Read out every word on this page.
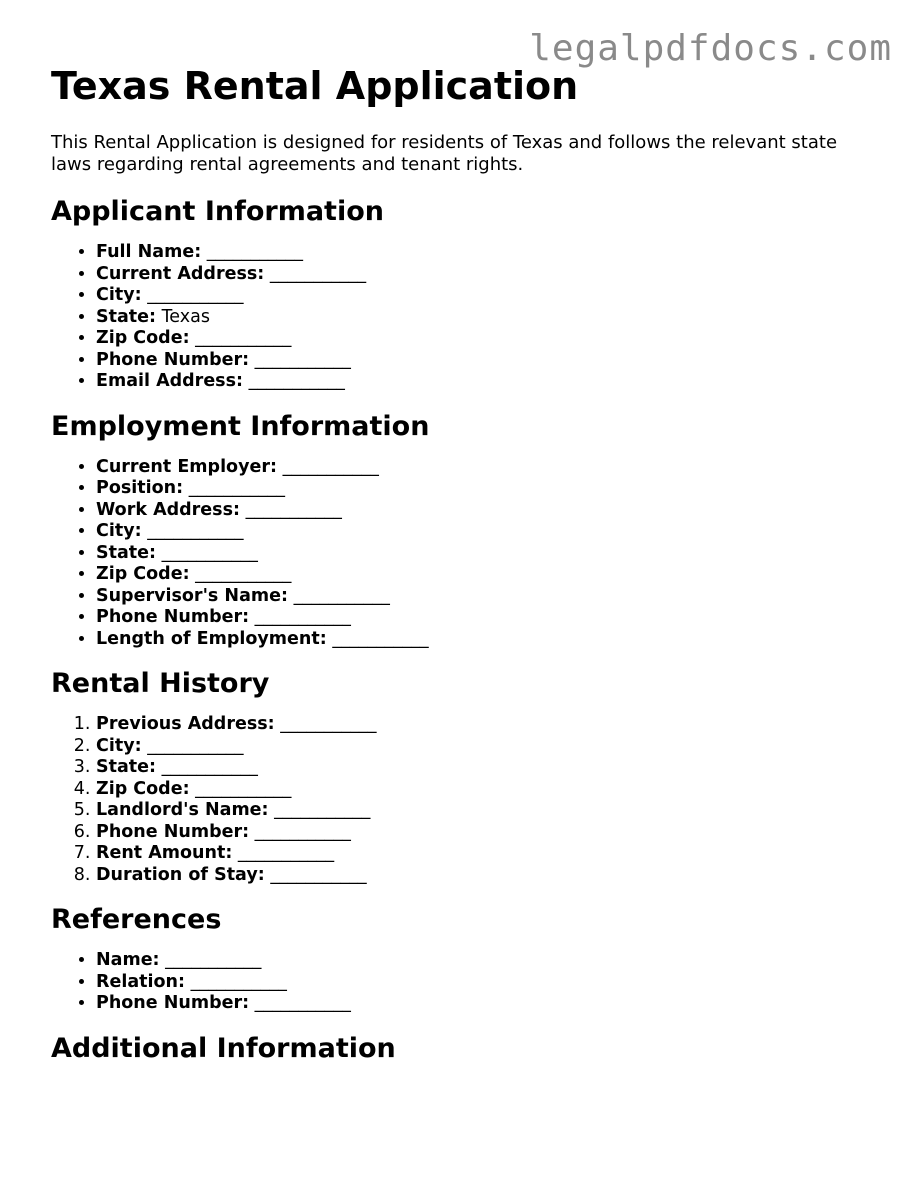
legalpdfdocs.com
Texas Rental Application

This Rental Application is designed for residents of Texas and follows the relevant state laws regarding rental agreements and tenant rights.

Applicant Information
• Full Name: ___________
• Current Address: ___________
• City: ___________
• State: Texas
• Zip Code: ___________
• Phone Number: ___________
• Email Address: ___________
Employment Information
• Current Employer: ___________
• Position: ___________
• Work Address: ___________
• City: ___________
• State: ___________
• Zip Code: ___________
• Supervisor's Name: ___________
• Phone Number: ___________
• Length of Employment: ___________
Rental History
1. Previous Address: ___________
2. City: ___________
3. State: ___________
4. Zip Code: ___________
5. Landlord's Name: ___________
6. Phone Number: ___________
7. Rent Amount: ___________
8. Duration of Stay: ___________
References
• Name: ___________
• Relation: ___________
• Phone Number: ___________
Additional Information
